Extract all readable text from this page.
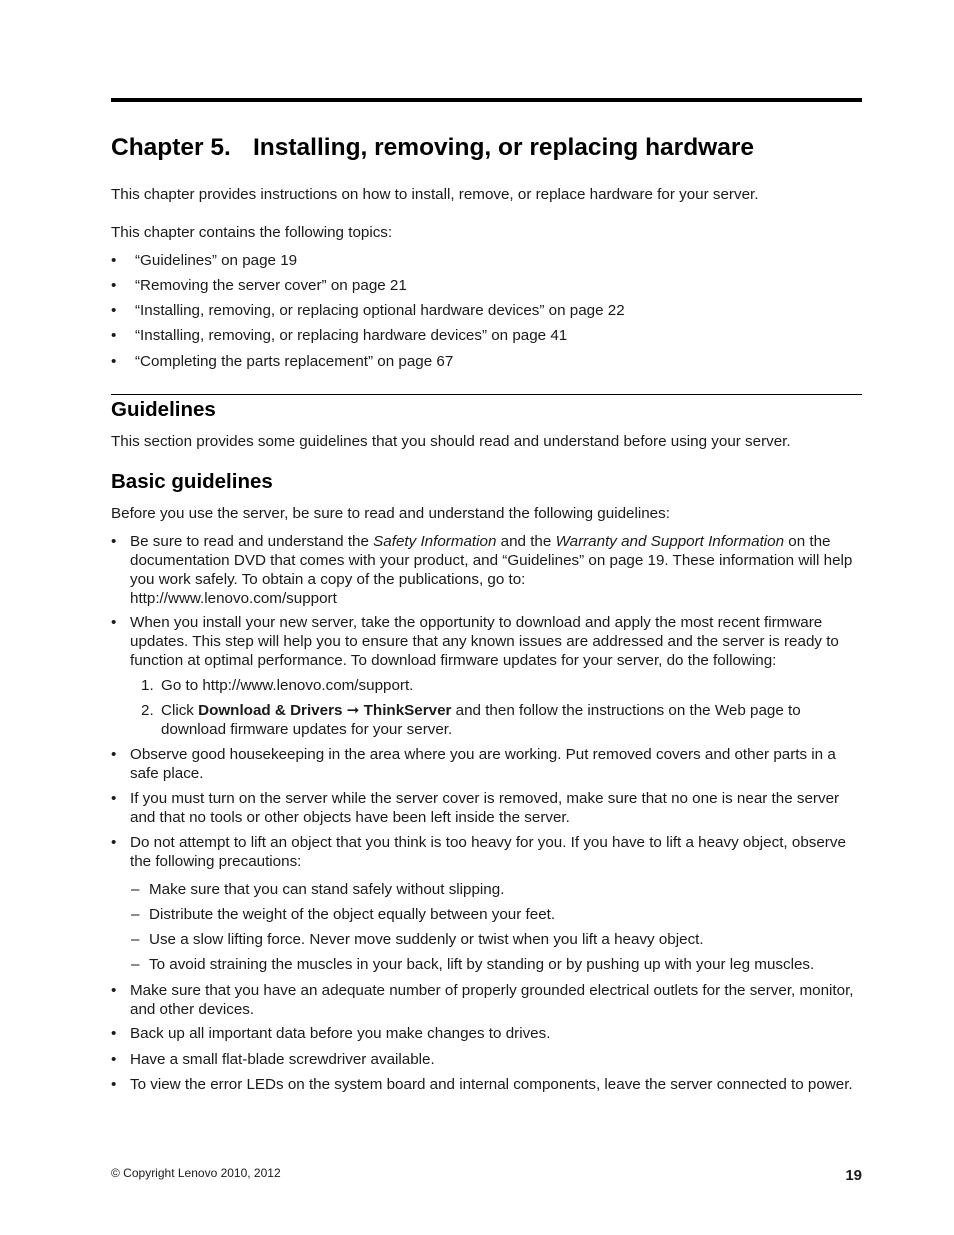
Chapter 5. Installing, removing, or replacing hardware

This chapter provides instructions on how to install, remove, or replace hardware for your server.

This chapter contains the following topics:

• “Guidelines” on page 19
• “Removing the server cover” on page 21
• “Installing, removing, or replacing optional hardware devices” on page 22
• “Installing, removing, or replacing hardware devices” on page 41
• “Completing the parts replacement” on page 67
Guidelines

This section provides some guidelines that you should read and understand before using your server.

Basic guidelines

Before you use the server, be sure to read and understand the following guidelines:

• Be sure to read and understand the Safety Information and the Warranty and Support Information on the documentation DVD that comes with your product, and “Guidelines” on page 19. These information will help you work safely. To obtain a copy of the publications, go to:
http://www.lenovo.com/support
• When you install your new server, take the opportunity to download and apply the most recent firmware updates. This step will help you to ensure that any known issues are addressed and the server is ready to function at optimal performance. To download firmware updates for your server, do the following:
1. Go to http://www.lenovo.com/support.
2. Click Download & Drivers ➞ ThinkServer and then follow the instructions on the Web page to download firmware updates for your server.
• Observe good housekeeping in the area where you are working. Put removed covers and other parts in a safe place.
• If you must turn on the server while the server cover is removed, make sure that no one is near the server and that no tools or other objects have been left inside the server.
• Do not attempt to lift an object that you think is too heavy for you. If you have to lift a heavy object, observe the following precautions:
– Make sure that you can stand safely without slipping.
– Distribute the weight of the object equally between your feet.
– Use a slow lifting force. Never move suddenly or twist when you lift a heavy object.
– To avoid straining the muscles in your back, lift by standing or by pushing up with your leg muscles.
• Make sure that you have an adequate number of properly grounded electrical outlets for the server, monitor, and other devices.
• Back up all important data before you make changes to drives.
• Have a small flat-blade screwdriver available.
• To view the error LEDs on the system board and internal components, leave the server connected to power.
© Copyright Lenovo 2010, 2012	19
